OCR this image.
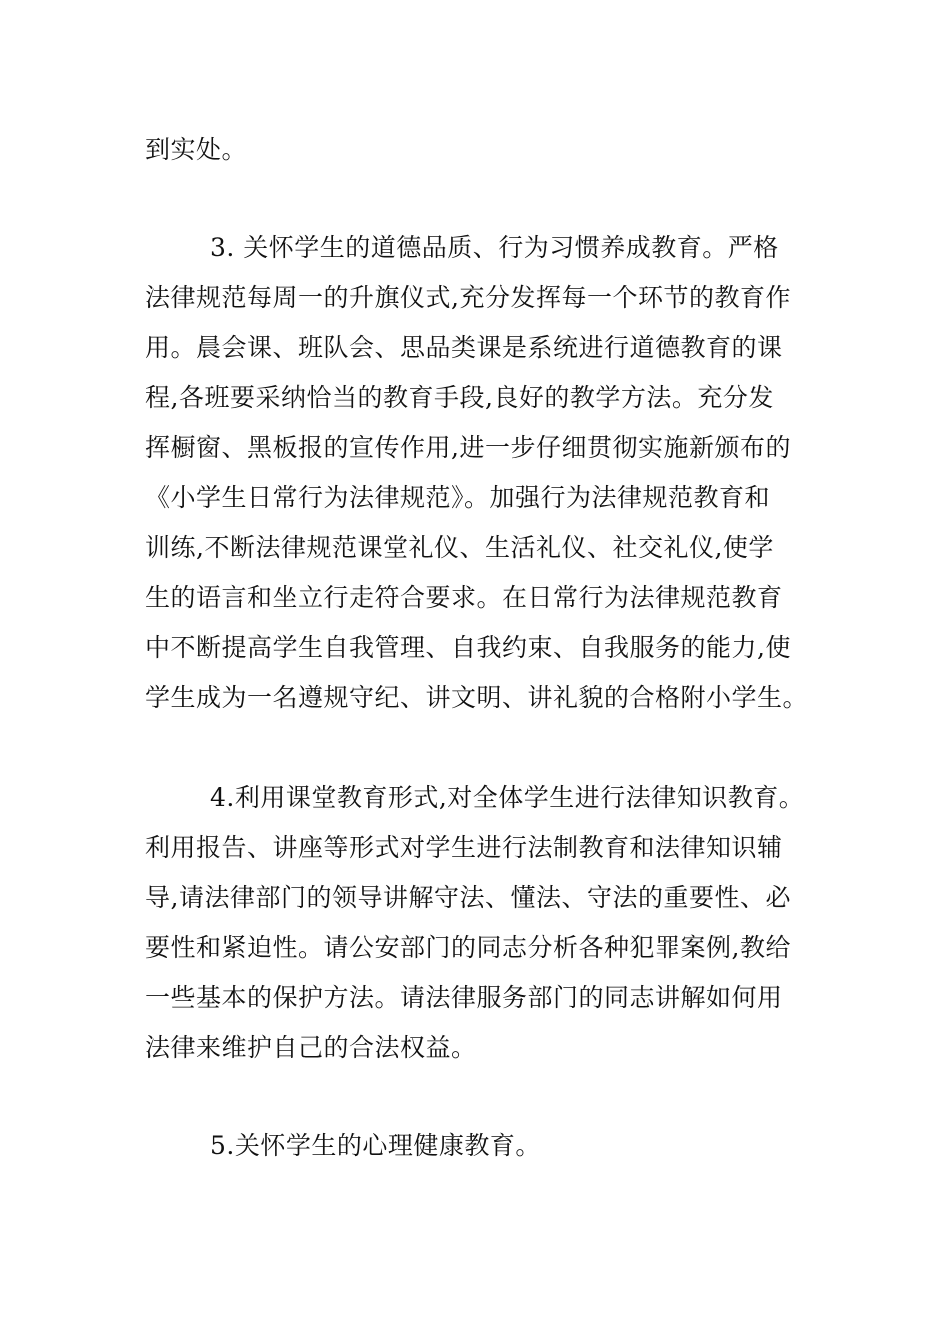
到实处。
3. 关怀学生的道德品质、行为习惯养成教育。严格
法律规范每周一的升旗仪式,充分发挥每一个环节的教育作
用。晨会课、班队会、思品类课是系统进行道德教育的课
程,各班要采纳恰当的教育手段,良好的教学方法。充分发
挥橱窗、黑板报的宣传作用,进一步仔细贯彻实施新颁布的
《小学生日常行为法律规范》。加强行为法律规范教育和
训练,不断法律规范课堂礼仪、生活礼仪、社交礼仪,使学
生的语言和坐立行走符合要求。在日常行为法律规范教育
中不断提高学生自我管理、自我约束、自我服务的能力,使
学生成为一名遵规守纪、讲文明、讲礼貌的合格附小学生。
4.利用课堂教育形式,对全体学生进行法律知识教育。
利用报告、讲座等形式对学生进行法制教育和法律知识辅
导,请法律部门的领导讲解守法、懂法、守法的重要性、必
要性和紧迫性。请公安部门的同志分析各种犯罪案例,教给
一些基本的保护方法。请法律服务部门的同志讲解如何用
法律来维护自己的合法权益。
5.关怀学生的心理健康教育。
